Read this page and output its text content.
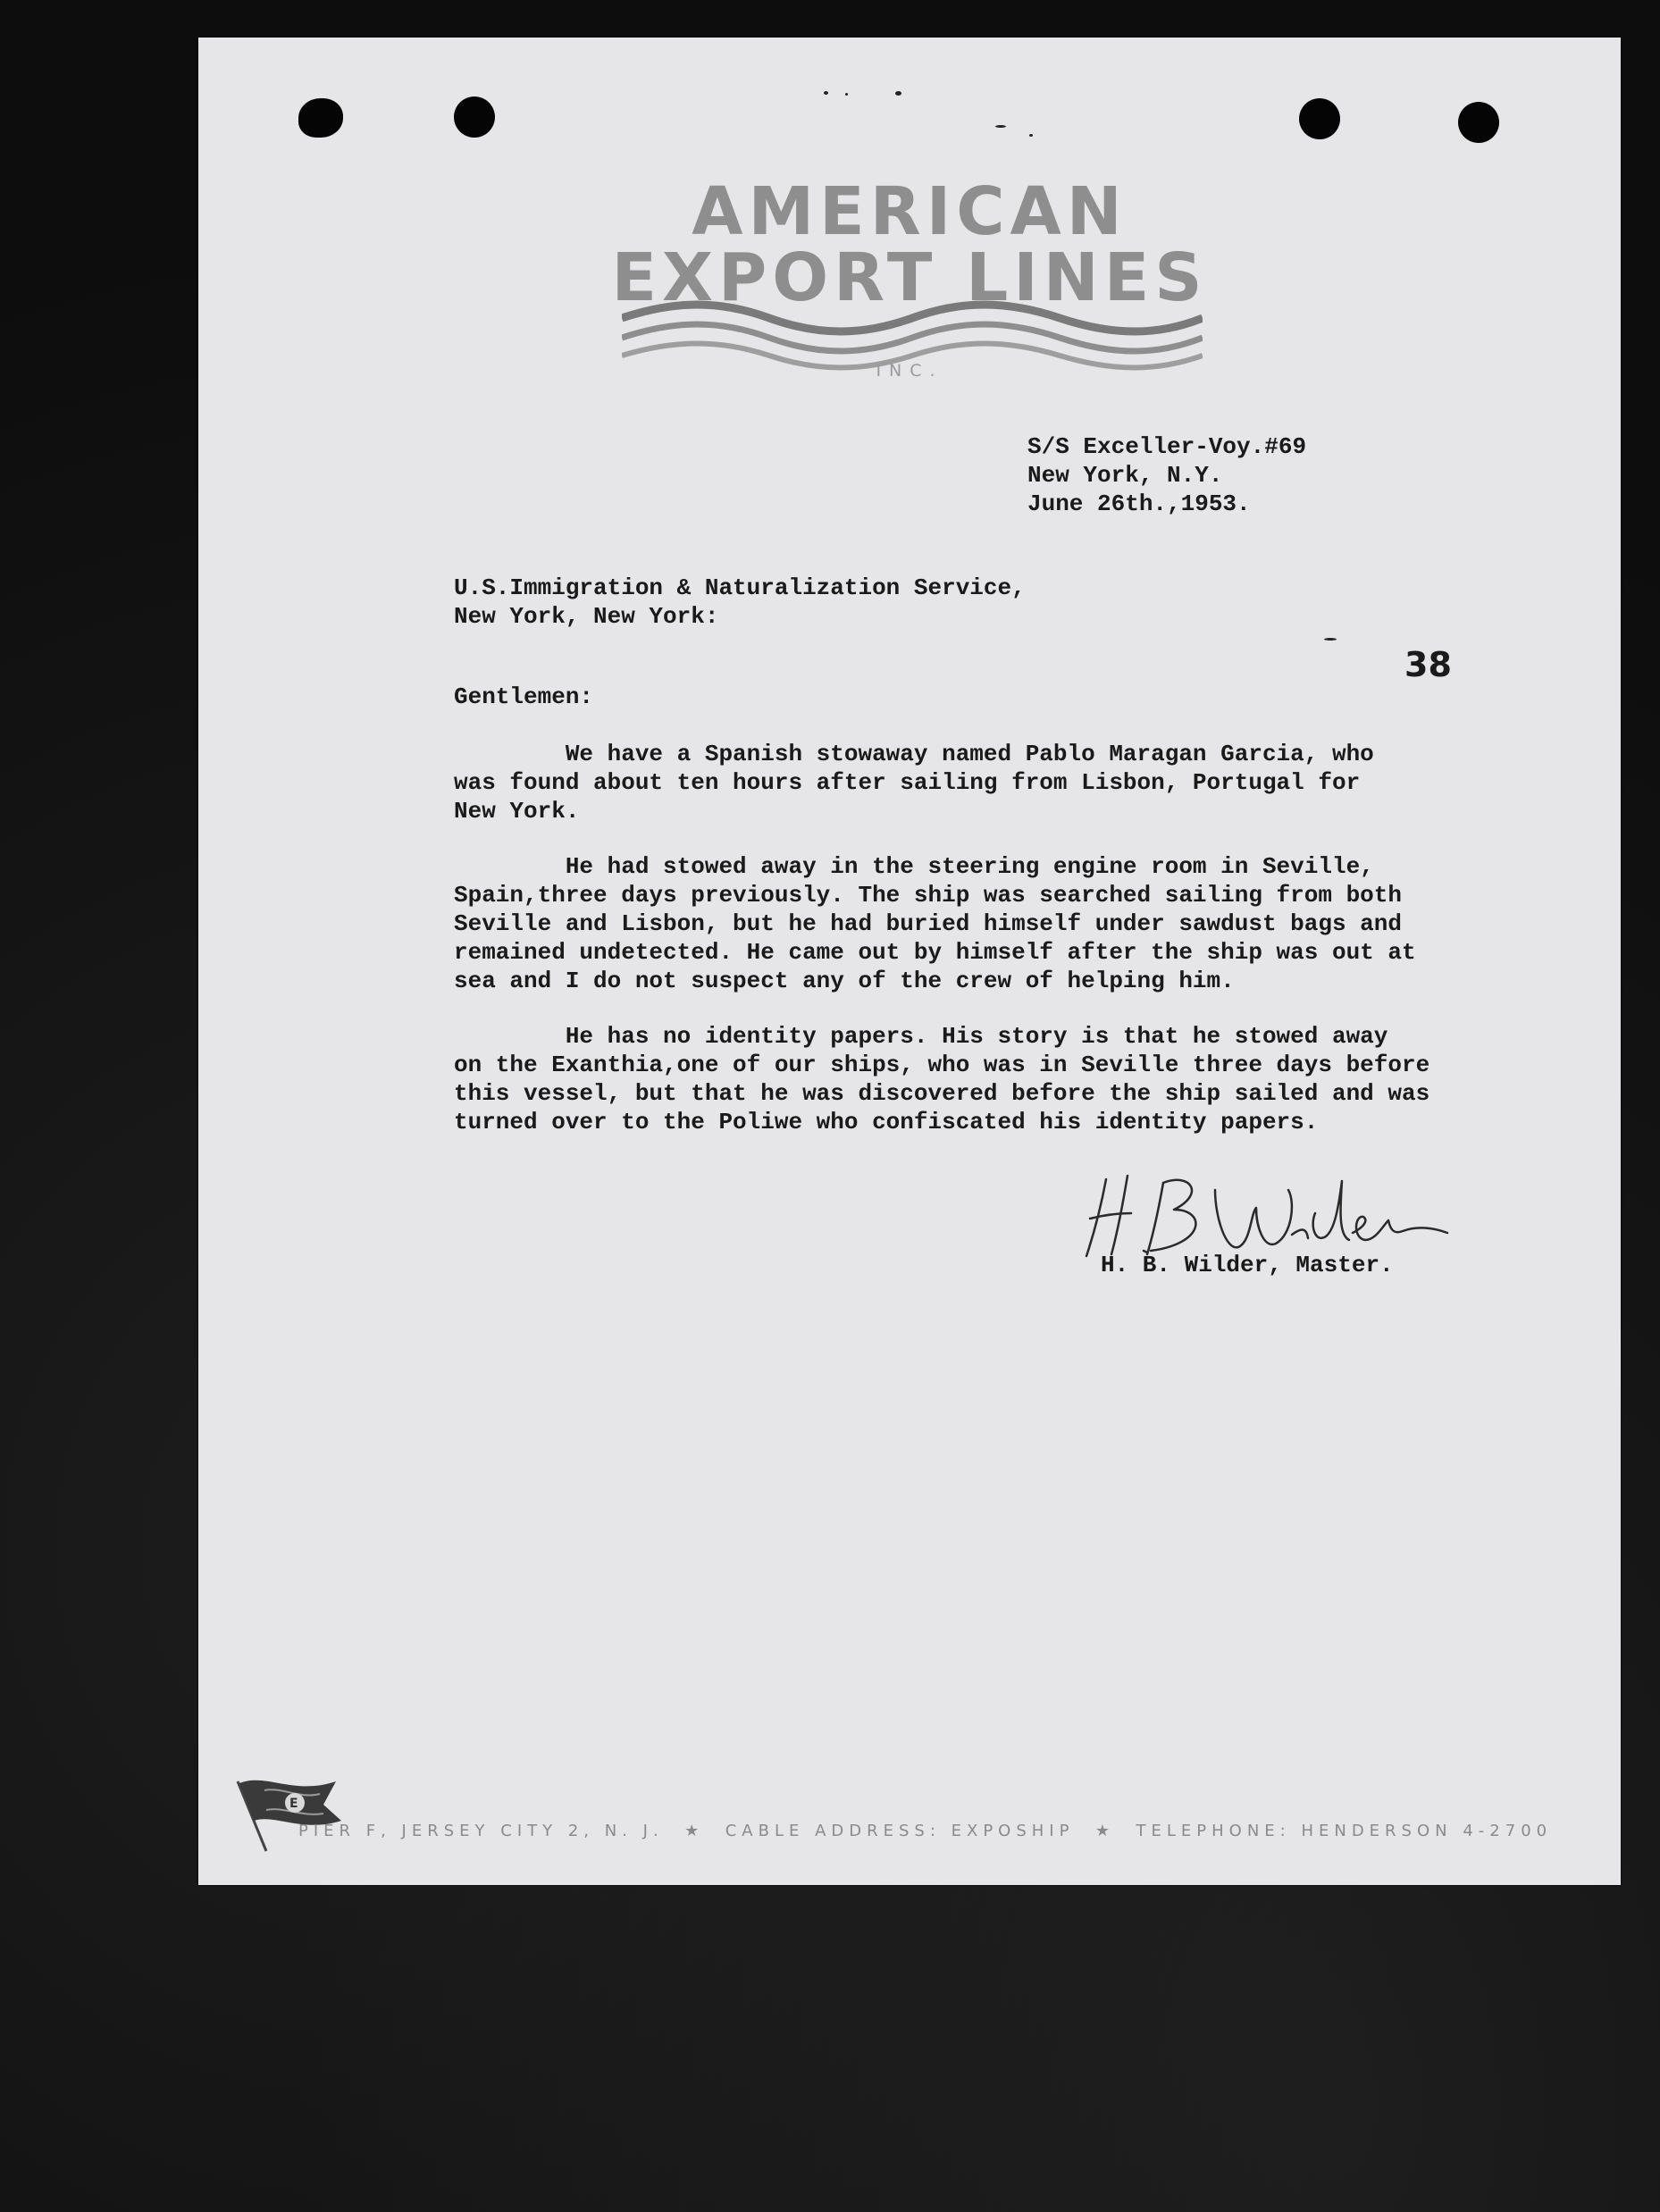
AMERICAN
EXPORT LINES
INC.
S/S Exceller-Voy.#69
New York, N.Y.
June 26th.,1953.
U.S.Immigration & Naturalization Service,
New York, New York:
38
Gentlemen:
We have a Spanish stowaway named Pablo Maragan Garcia, who
was found about ten hours after sailing from Lisbon, Portugal for
New York.
He had stowed away in the steering engine room in Seville,
Spain,three days previously. The ship was searched sailing from both
Seville and Lisbon, but he had buried himself under sawdust bags and
remained undetected. He came out by himself after the ship was out at
sea and I do not suspect any of the crew of helping him.
He has no identity papers. His story is that he stowed away
on the Exanthia,one of our ships, who was in Seville three days before
this vessel, but that he was discovered before the ship sailed and was
turned over to the Poliwe who confiscated his identity papers.
H. B. Wilder, Master.
E
PIER F, JERSEY CITY 2, N. J.  ★  CABLE ADDRESS: EXPOSHIP  ★  TELEPHONE: HENDERSON 4-2700
